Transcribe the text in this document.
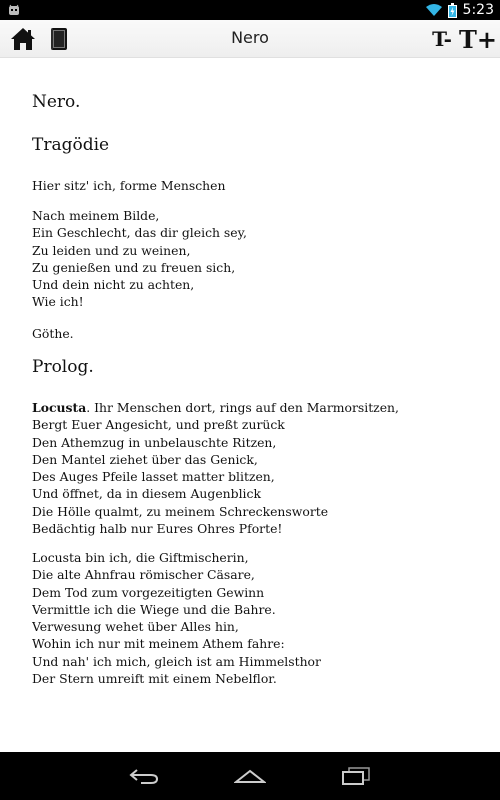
5:23
Nero	T- T+
Nero.
Tragödie
Hier sitz' ich, forme Menschen
Nach meinem Bilde,
Ein Geschlecht, das dir gleich sey,
Zu leiden und zu weinen,
Zu genießen und zu freuen sich,
Und dein nicht zu achten,
Wie ich!
Göthe.
Prolog.
Locusta. Ihr Menschen dort, rings auf den Marmorsitzen,
Bergt Euer Angesicht, und preßt zurück
Den Athemzug in unbelauschte Ritzen,
Den Mantel ziehet über das Genick,
Des Auges Pfeile lasset matter blitzen,
Und öffnet, da in diesem Augenblick
Die Hölle qualmt, zu meinem Schreckensworte
Bedächtig halb nur Eures Ohres Pforte!
Locusta bin ich, die Giftmischerin,
Die alte Ahnfrau römischer Cäsare,
Dem Tod zum vorgezeitigten Gewinn
Vermittle ich die Wiege und die Bahre.
Verwesung wehet über Alles hin,
Wohin ich nur mit meinem Athem fahre:
Und nah' ich mich, gleich ist am Himmelsthor
Der Stern umreift mit einem Nebelflor.
